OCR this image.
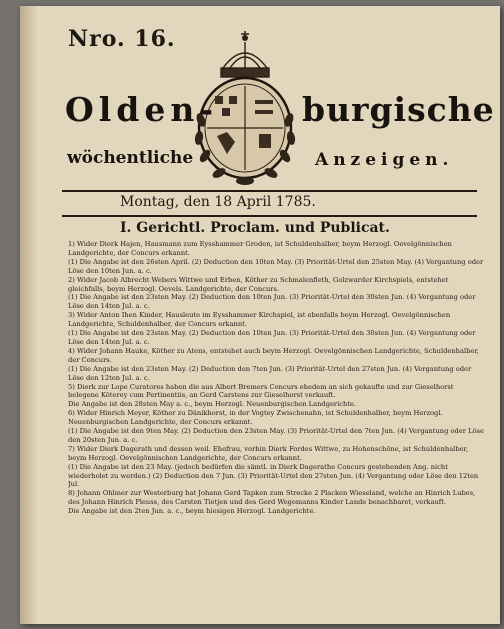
Nro. 16.
Olden-	burgische
wöchentliche	Anzeigen.
Montag, den 18 April 1785.
I. Gerichtl. Proclam. und Publicat.

1) Wider Dierk Hajen, Hausmann zum Eysshammer Groden, ist Schuldenhalber, beym Herzogl. Oevelgönnischen Landgerichte, der Concurs erkannt.

(1) Die Angabe ist den 26sten April. (2) Deduction den 10ten May. (3) Priorität-Urtel den 25sten May. (4) Vergantung oder Löse den 10ten Jun. a. c.

2) Wider Jacob Albrecht Webers Wittwe und Erben, Köther zu Schmalenfleth, Golzwarder Kirchspiels, entstehet gleichfalls, beym Herzogl. Oevels. Landgerichte, der Concurs.

(1) Die Angabe ist den 23sten May. (2) Deduction den 10ten Jun. (3) Priorität-Urtel den 30sten Jun. (4) Vergantung oder Löse den 14ten Jul. a. c.

3) Wider Anton Ihen Kinder, Hausleute im Eysshammer Kirchspiel, ist ebenfalls beym Herzogl. Oevelgönnischen Landgerichte, Schuldenhalber, der Concurs erkannt.

(1) Die Angabe ist den 23sten May. (2) Deduction den 10ten Jun. (3) Priorität-Urtel den 30sten Jun. (4) Vergantung oder Löse den 14ten Jul. a. c.

4) Wider Johann Hauke, Köther zu Atens, entstehet auch beym Herzogl. Oevelgönnischen Landgerichte, Schuldenhalber, der Concurs.

(1) Die Angabe ist den 23sten May. (2) Deduction den 7ten Jun. (3) Priorität-Urtel den 27sten Jun. (4) Vergantung oder Löse den 12ten Jul. a. c.

5) Dierk zur Lope Curatores haben die aus Albert Bremers Concurs ehedem an sich gekaufte und zur Gieselhorst belegene Köterey cum Pertinentiis, an Gerd Carstens zur Gieselhorst verkauft.

Die Angabe ist den 28sten May a. c., beym Herzogl. Neuenburgischen Landgerichte.

6) Wider Hinrich Meyer, Köther zu Dänikhorst, in der Vogtey Zwischenahn, ist Schuldenhalber, beym Herzogl. Neuenburgischen Landgerichte, der Concurs erkannt.

(1) Die Angabe ist den 9ten May. (2) Deduction den 23sten May. (3) Priorität-Urtel den 7ten Jun. (4) Vergantung oder Löse den 20sten Jun. a. c.

7) Wider Dierk Dagerath und dessen weil. Ehefrau, vorhin Dierk Fordes Wittwe, zu Hohenschöne, ist Schuldenhalber, beym Herzogl. Oevelgönnischen Landgerichte, der Concurs erkannt.

(1) Die Angabe ist den 23 May. (jedoch bedürfen die sämtl. in Dierk Dagerathe Concurs gestehenden Ang. nicht wiederholet zu werden.) (2) Deduction den 7 Jun. (3) Priorität-Urtel den 27sten Jun. (4) Vergantung oder Löse den 12ten Jul.

8) Johann Ohlmer zur Westerburg hat Johann Gerd Tapken zum Strecke 2 Placken Wieseland, welche an Hinrich Lubes, des Johann Hinrich Pleuss, des Carsten Tietjen und des Gerd Wegemanns Kinder Lande benachbaret, verkauft.

Die Angabe ist den 2ten Jun. a. c., beym hiesigen Herzogl. Landgerichte.
